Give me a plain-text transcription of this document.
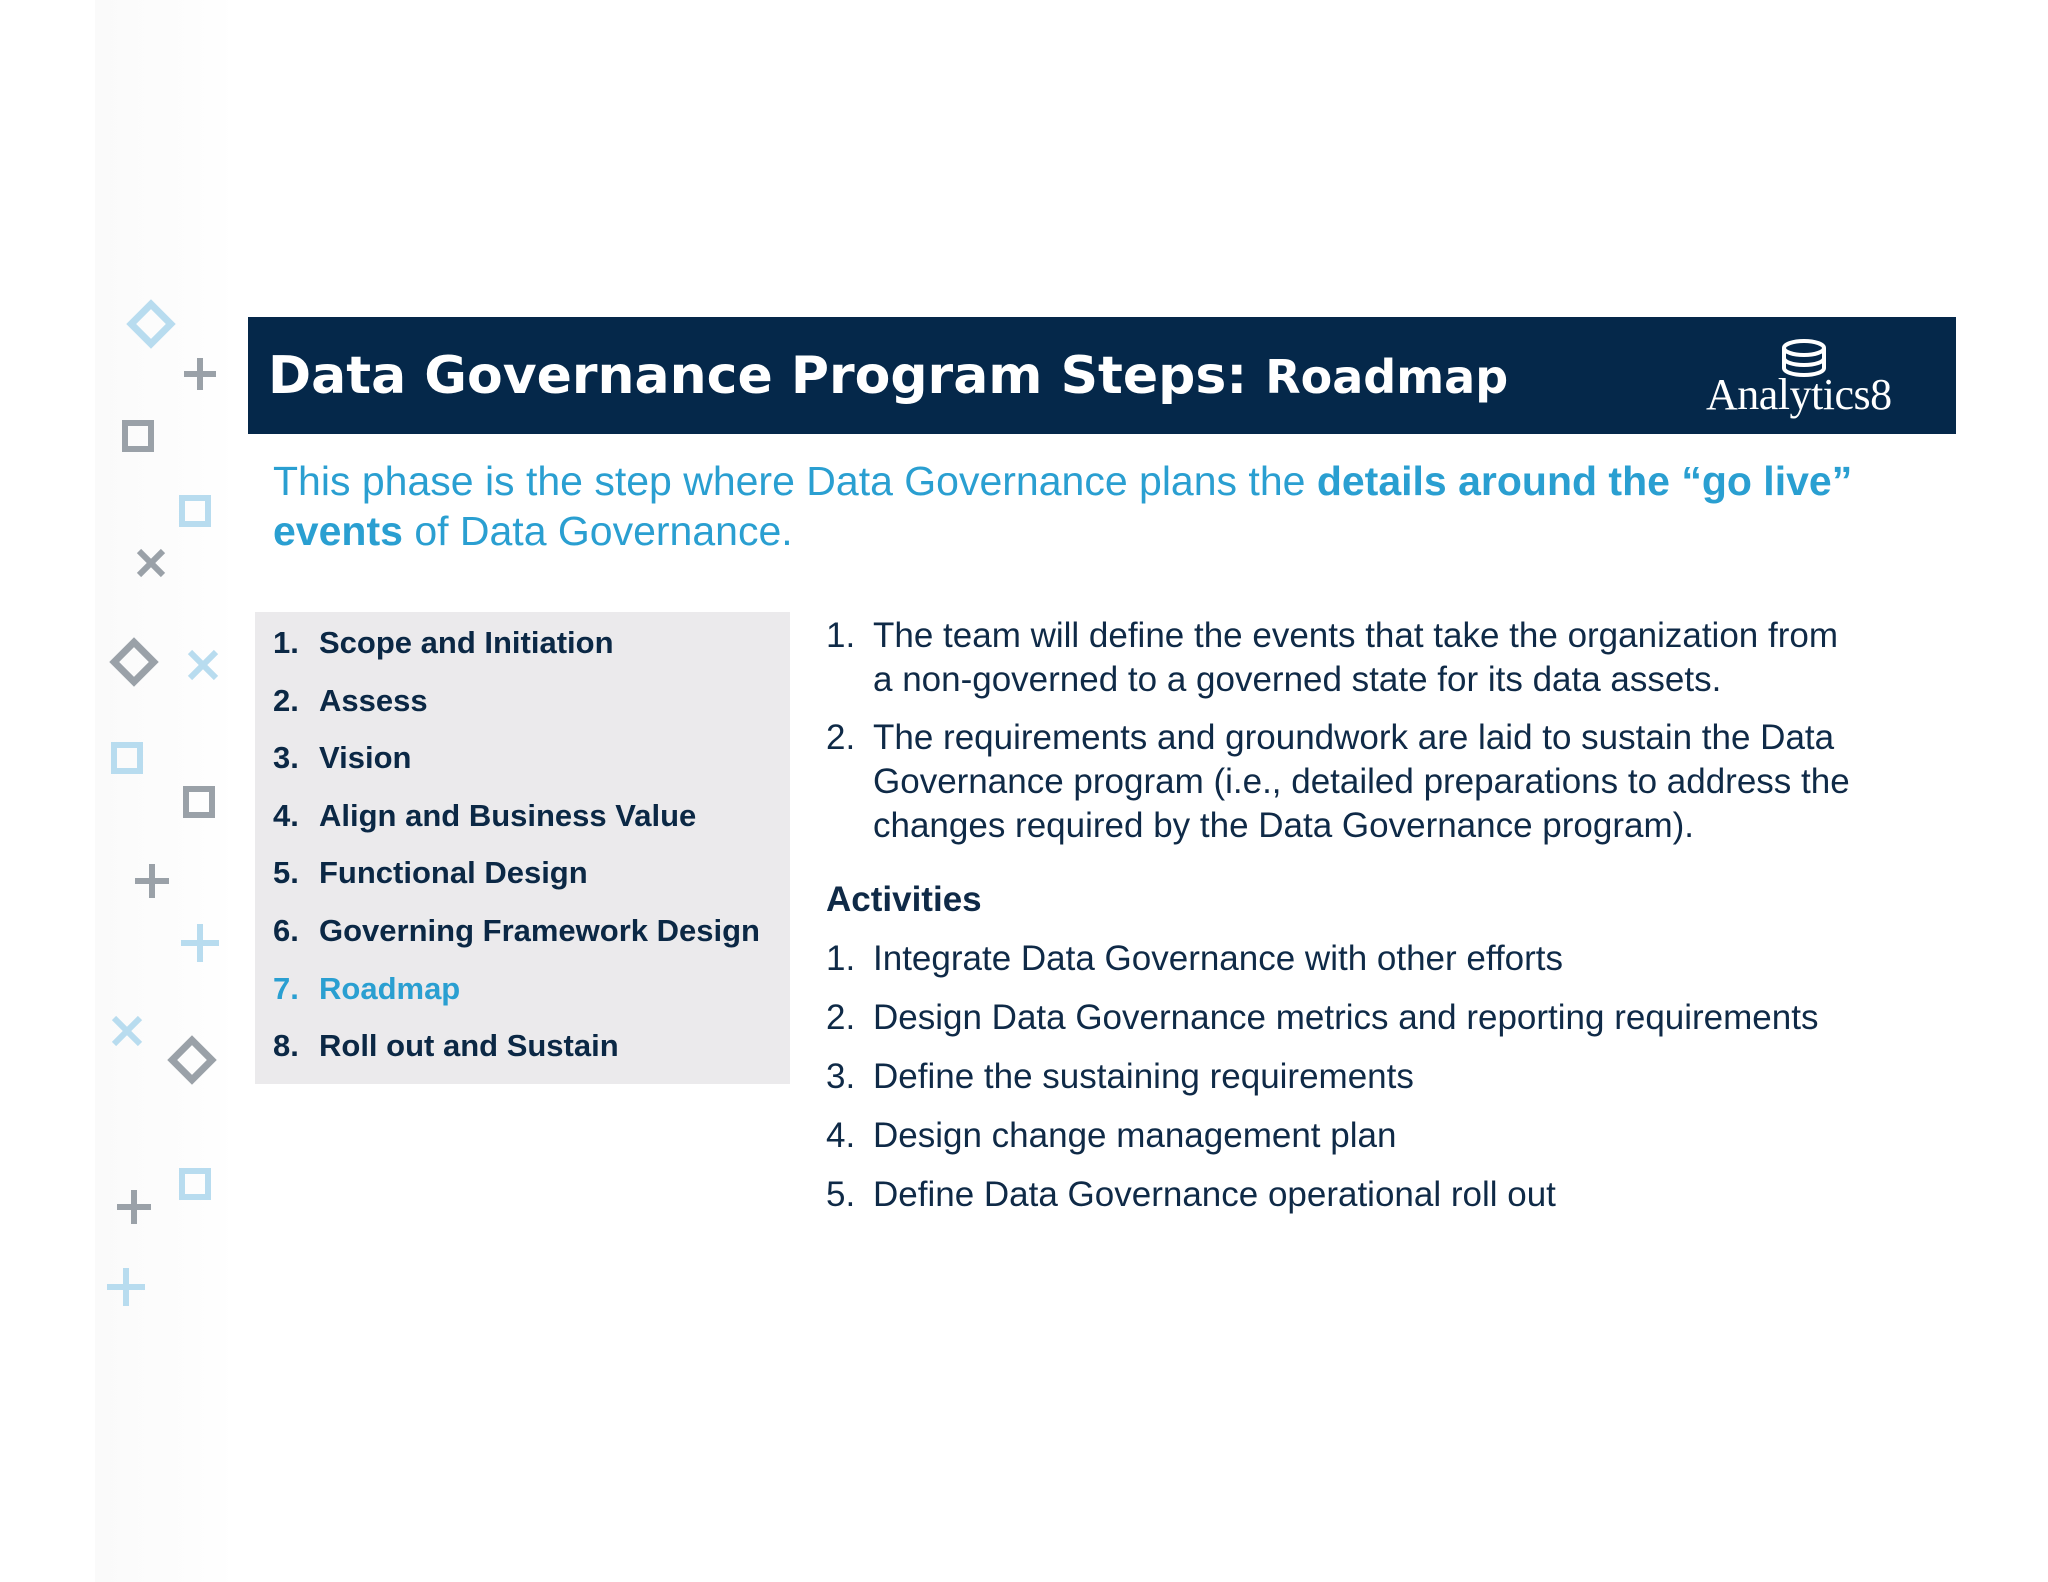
Data Governance Program Steps: Roadmap	Analytics8
This phase is the step where Data Governance plans the details around the “go live”
events of Data Governance.
1. Scope and Initiation
2. Assess
3. Vision
4. Align and Business Value
5. Functional Design
6. Governing Framework Design
7. Roadmap
8. Roll out and Sustain
1. The team will define the events that take the organization from
a non-governed to a governed state for its data assets.
2. The requirements and groundwork are laid to sustain the Data
Governance program (i.e., detailed preparations to address the
changes required by the Data Governance program).
Activities
1. Integrate Data Governance with other efforts
2. Design Data Governance metrics and reporting requirements
3. Define the sustaining requirements
4. Design change management plan
5. Define Data Governance operational roll out
